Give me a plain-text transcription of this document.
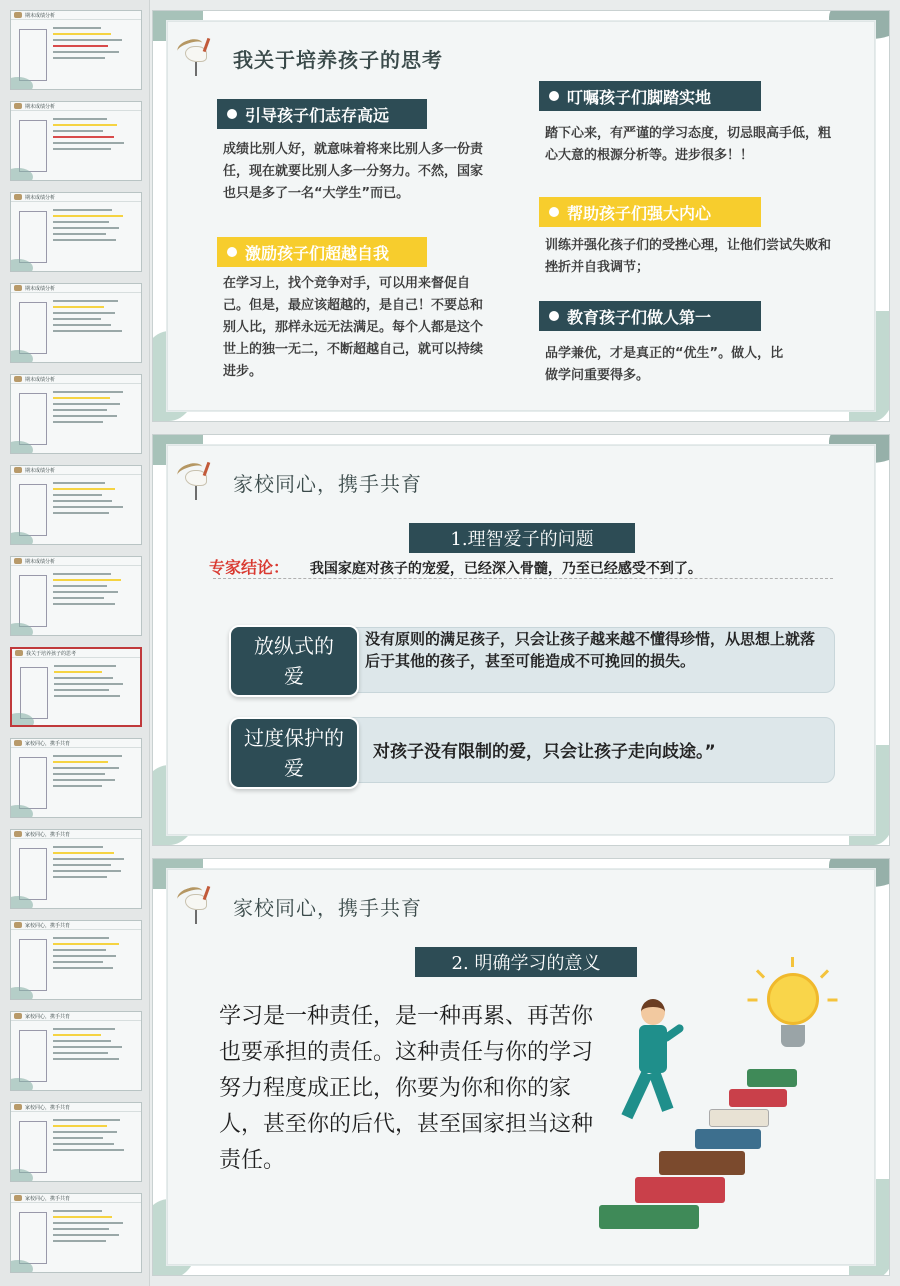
期末成绩分析
期末成绩分析
期末成绩分析
期末成绩分析
期末成绩分析
期末成绩分析
期末成绩分析
我关于培养孩子的思考
家校同心，携手共育
家校同心，携手共育
家校同心，携手共育
家校同心，携手共育
家校同心，携手共育
家校同心，携手共育
我关于培养孩子的思考
引导孩子们志存高远
成绩比别人好，就意味着将来比别人多一份责任，现在就要比别人多一分努力。不然，国家也只是多了一名“大学生”而已。
激励孩子们超越自我
在学习上，找个竞争对手，可以用来督促自己。但是，最应该超越的，是自己！不要总和别人比，那样永远无法满足。每个人都是这个世上的独一无二，不断超越自己，就可以持续进步。
叮嘱孩子们脚踏实地
踏下心来，有严谨的学习态度，切忌眼高手低，粗心大意的根源分析等。进步很多！！
帮助孩子们强大内心
训练并强化孩子们的受挫心理，让他们尝试失败和挫折并自我调节；
教育孩子们做人第一
品学兼优，才是真正的“优生”。做人，比做学问重要得多。
家校同心，携手共育
1.理智爱子的问题
专家结论： 我国家庭对孩子的宠爱，已经深入骨髓，乃至已经感受不到了。
放纵式的爱
没有原则的满足孩子，只会让孩子越来越不懂得珍惜，从思想上就落后于其他的孩子，甚至可能造成不可挽回的损失。
过度保护的爱
对孩子没有限制的爱，只会让孩子走向歧途。”
家校同心，携手共育
2. 明确学习的意义
学习是一种责任，是一种再累、再苦你也要承担的责任。这种责任与你的学习努力程度成正比，你要为你和你的家人，甚至你的后代，甚至国家担当这种责任。
